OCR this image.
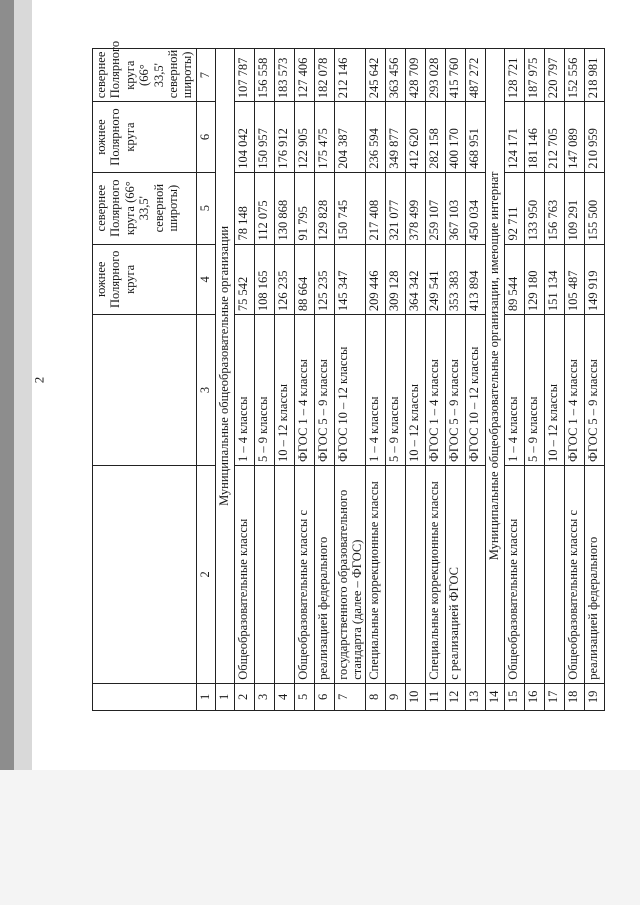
2
			южнее Полярного круга	севернее Полярного круга (66° 33,5' северной широты)	южнее Полярного круга	севернее Полярного круга (66° 33,5' северной широты)
1	2	3	4	5	6	7
1	Муниципальные общеобразовательные организации					
2	Общеобразовательные классы	1 – 4 классы	75 542	78 148	104 042	107 787
3		5 – 9 классы	108 165	112 075	150 957	156 558
4		10 – 12 классы	126 235	130 868	176 912	183 573
5	Общеобразовательные классы с	ФГОС 1 – 4 классы	88 664	91 795	122 905	127 406
6	реализацией федерального	ФГОС 5 – 9 классы	125 235	129 828	175 475	182 078
7	государственного образовательного стандарта (далее – ФГОС)	ФГОС 10 – 12 классы	145 347	150 745	204 387	212 146
8	Специальные коррекционные классы	1 – 4 классы	209 446	217 408	236 594	245 642
9		5 – 9 классы	309 128	321 077	349 877	363 456
10		10 – 12 классы	364 342	378 499	412 620	428 709
11	Специальные коррекционные классы	ФГОС 1 – 4 классы	249 541	259 107	282 158	293 028
12	с реализацией ФГОС	ФГОС 5 – 9 классы	353 383	367 103	400 170	415 760
13		ФГОС 10 – 12 классы	413 894	450 034	468 951	487 272
14	Муниципальные общеобразовательные организации, имеющие интернат					
15	Общеобразовательные классы	1 – 4 классы	89 544	92 711	124 171	128 721
16		5 – 9 классы	129 180	133 950	181 146	187 975
17		10 – 12 классы	151 134	156 763	212 705	220 797
18	Общеобразовательные классы с	ФГОС 1 – 4 классы	105 487	109 291	147 089	152 556
19	реализацией федерального	ФГОС 5 – 9 классы	149 919	155 500	210 959	218 981
